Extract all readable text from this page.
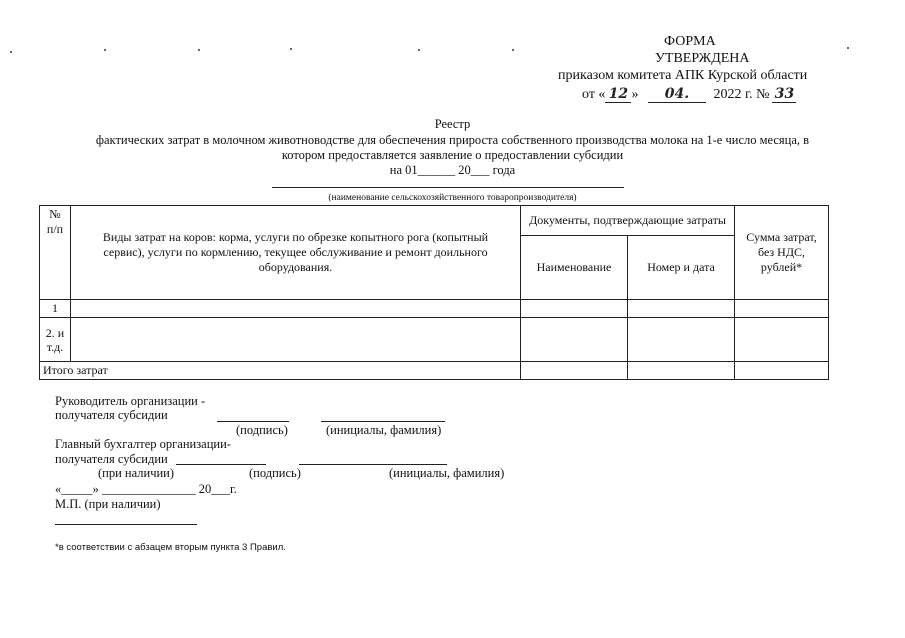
ФОРМА
УТВЕРЖДЕНА
приказом комитета АПК Курской области
от « 12 » 04. 2022 г. № 33
Реестр
фактических затрат в молочном животноводстве для обеспечения прироста собственного производства молока на 1-е число месяца, в
котором предоставляется заявление о предоставлении субсидии
на 01______ 20___ года
(наименование сельскохозяйственного товаропроизводителя)
№ п/п	Виды затрат на коров: корма, услуги по обрезке копытного рога (копытный сервис), услуги по кормлению, текущее обслуживание и ремонт доильного оборудования.	Документы, подтверждающие затраты		Сумма затрат, без НДС, рублей*
		Наименование	Номер и дата	
1				
2. и т.д.				
Итого затрат				
Руководитель организации -
получателя субсидии
(подпись)	(инициалы, фамилия)
Главный бухгалтер организации-
получателя субсидии
(при наличии)	(подпись)	(инициалы, фамилия)
«_____» _______________ 20___г.
М.П. (при наличии)
*в соответствии с абзацем вторым пункта 3 Правил.
